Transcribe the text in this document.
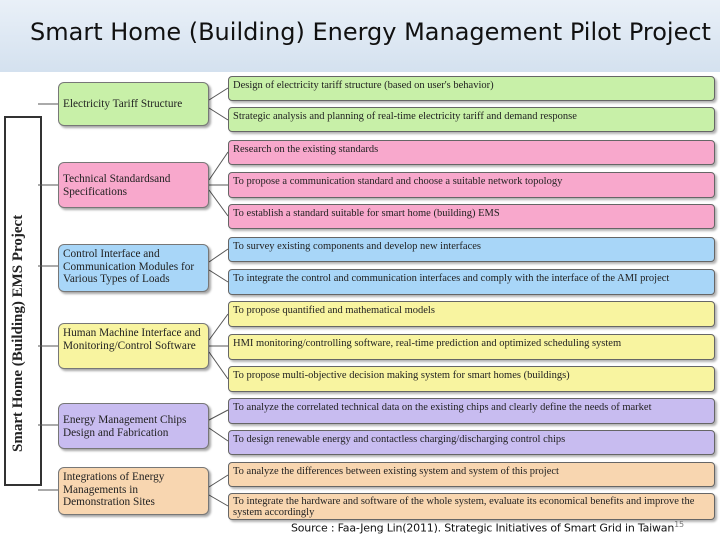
Smart Home (Building) Energy Management Pilot Project
Smart Home (Building) EMS Project
Electricity Tariff Structure
Technical Standardsand Specifications
Control Interface and Communication Modules for Various Types of Loads
Human Machine Interface and Monitoring/Control Software
Energy Management Chips Design and Fabrication
Integrations of Energy Managements in Demonstration Sites
Design of electricity tariff structure (based on user's behavior)
Strategic analysis and planning of real-time electricity tariff and demand response
Research on the existing standards
To propose a communication standard and choose a suitable network topology
To establish a standard suitable for smart home (building) EMS
To survey existing components and develop new interfaces
To integrate the control and communication interfaces and comply with the interface of the AMI project
To propose quantified and mathematical models
HMI monitoring/controlling software, real-time prediction and optimized scheduling system
To propose multi-objective decision making system for smart homes (buildings)
To analyze the correlated technical data on the existing chips and clearly define the needs of market
To design renewable energy and contactless charging/discharging control chips
To analyze the differences between existing system and system of this project
To integrate the hardware and software of the whole system, evaluate its economical benefits and improve the system accordingly
Source : Faa-Jeng Lin(2011). Strategic Initiatives of Smart Grid in Taiwan$^{15}$
